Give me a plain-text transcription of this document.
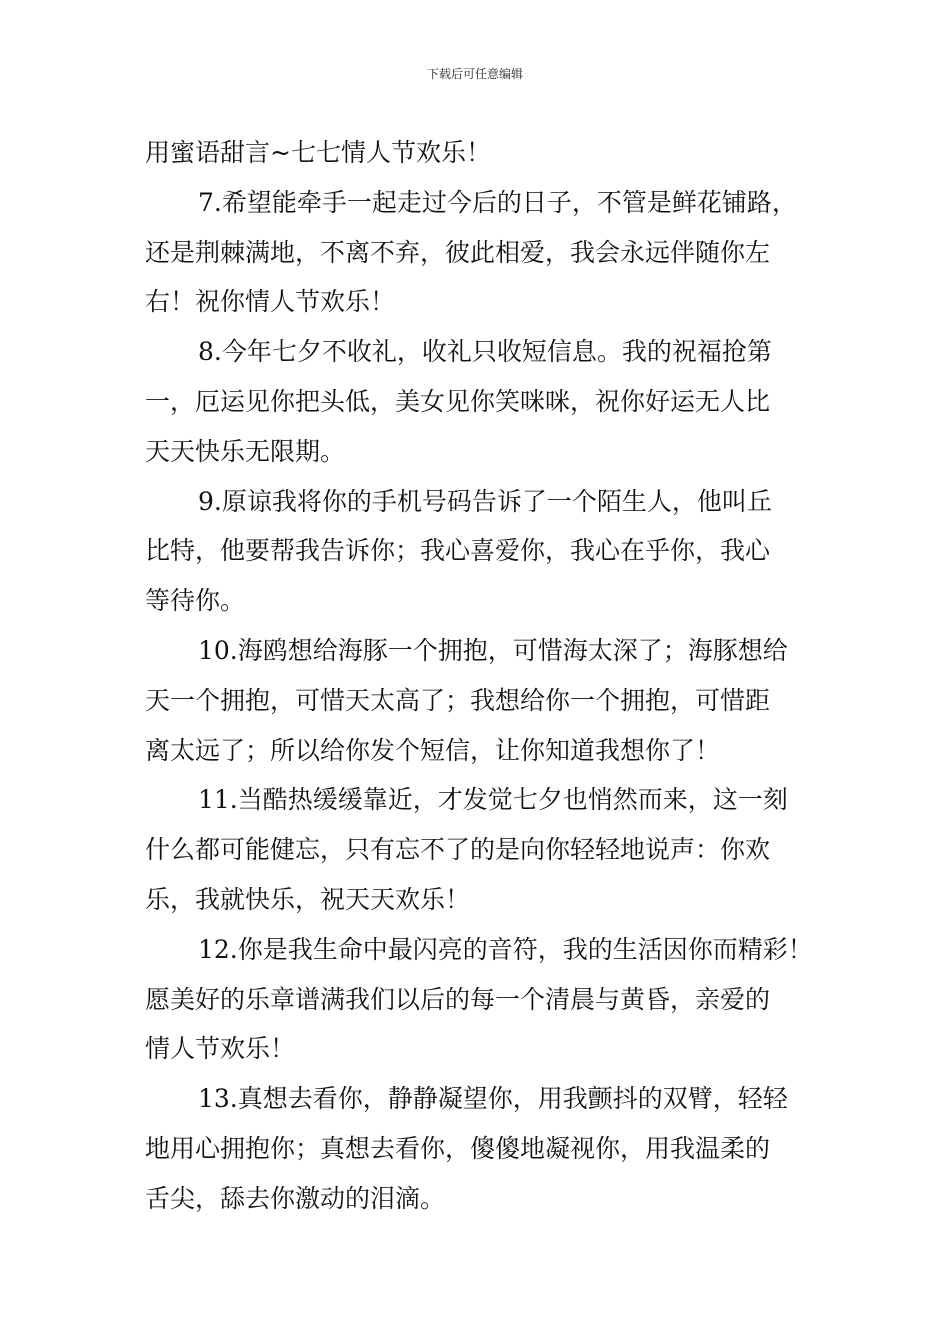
下载后可任意编辑
用蜜语甜言~七七情人节欢乐！
7.希望能牵手一起走过今后的日子，不管是鲜花铺路，
还是荆棘满地，不离不弃，彼此相爱，我会永远伴随你左
右！祝你情人节欢乐！
8.今年七夕不收礼，收礼只收短信息。我的祝福抢第
一，厄运见你把头低，美女见你笑咪咪，祝你好运无人比
天天快乐无限期。
9.原谅我将你的手机号码告诉了一个陌生人，他叫丘
比特，他要帮我告诉你；我心喜爱你，我心在乎你，我心
等待你。
10.海鸥想给海豚一个拥抱，可惜海太深了；海豚想给
天一个拥抱，可惜天太高了；我想给你一个拥抱，可惜距
离太远了；所以给你发个短信，让你知道我想你了！
11.当酷热缓缓靠近，才发觉七夕也悄然而来，这一刻
什么都可能健忘，只有忘不了的是向你轻轻地说声：你欢
乐，我就快乐，祝天天欢乐！
12.你是我生命中最闪亮的音符，我的生活因你而精彩！
愿美好的乐章谱满我们以后的每一个清晨与黄昏，亲爱的
情人节欢乐！
13.真想去看你，静静凝望你，用我颤抖的双臂，轻轻
地用心拥抱你；真想去看你，傻傻地凝视你，用我温柔的
舌尖，舔去你激动的泪滴。
